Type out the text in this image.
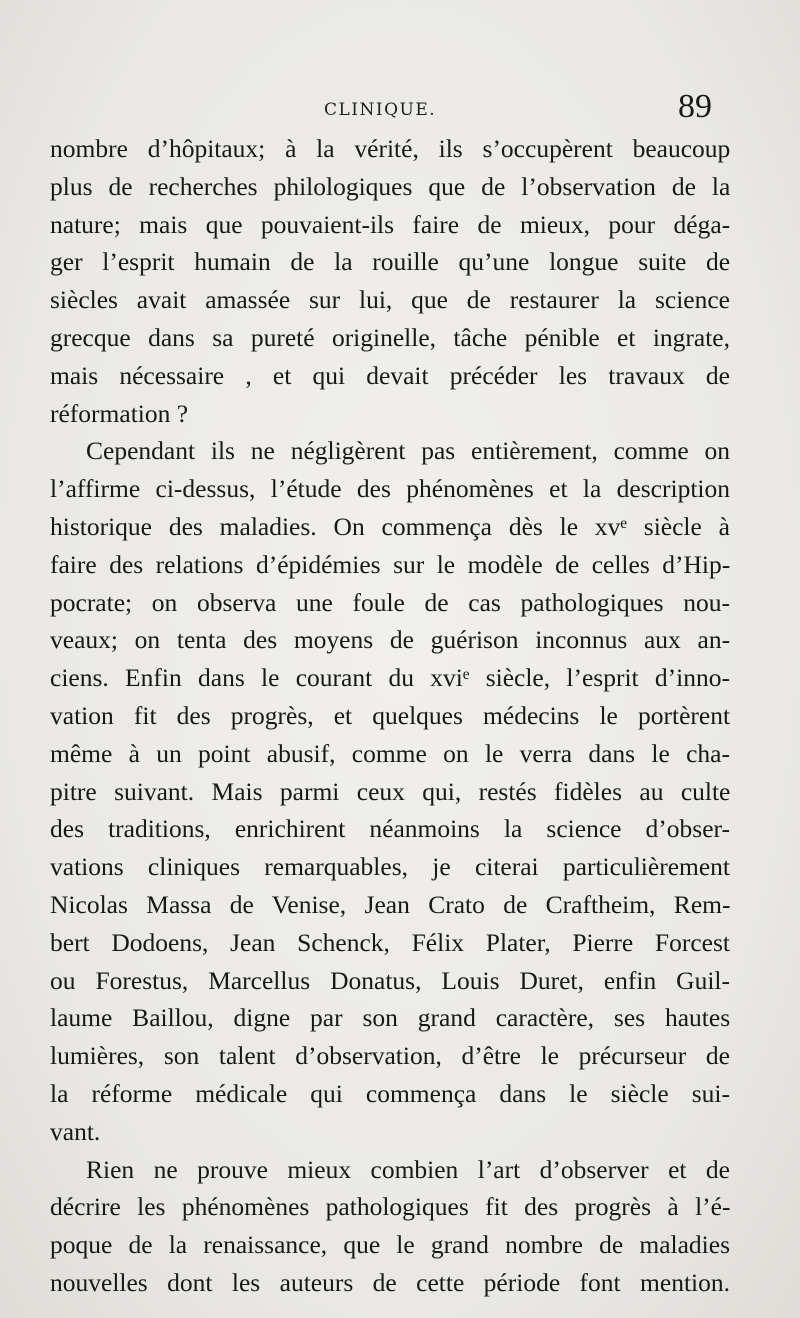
CLINIQUE.	89

nombre d’hôpitaux; à la vérité, ils s’occupèrent beaucoup
plus de recherches philologiques que de l’observation de la
nature; mais que pouvaient-ils faire de mieux, pour déga-
ger l’esprit humain de la rouille qu’une longue suite de
siècles avait amassée sur lui, que de restaurer la science
grecque dans sa pureté originelle, tâche pénible et ingrate,
mais nécessaire , et qui devait précéder les travaux de
réformation ?

Cependant ils ne négligèrent pas entièrement, comme on
l’affirme ci-dessus, l’étude des phénomènes et la description
historique des maladies. On commença dès le xvᵉ siècle à
faire des relations d’épidémies sur le modèle de celles d’Hip-
pocrate; on observa une foule de cas pathologiques nou-
veaux; on tenta des moyens de guérison inconnus aux an-
ciens. Enfin dans le courant du xviᵉ siècle, l’esprit d’inno-
vation fit des progrès, et quelques médecins le portèrent
même à un point abusif, comme on le verra dans le cha-
pitre suivant. Mais parmi ceux qui, restés fidèles au culte
des traditions, enrichirent néanmoins la science d’obser-
vations cliniques remarquables, je citerai particulièrement
Nicolas Massa de Venise, Jean Crato de Craftheim, Rem-
bert Dodoens, Jean Schenck, Félix Plater, Pierre Forcest
ou Forestus, Marcellus Donatus, Louis Duret, enfin Guil-
laume Baillou, digne par son grand caractère, ses hautes
lumières, son talent d’observation, d’être le précurseur de
la réforme médicale qui commença dans le siècle sui-
vant.

Rien ne prouve mieux combien l’art d’observer et de
décrire les phénomènes pathologiques fit des progrès à l’é-
poque de la renaissance, que le grand nombre de maladies
nouvelles dont les auteurs de cette période font mention.
